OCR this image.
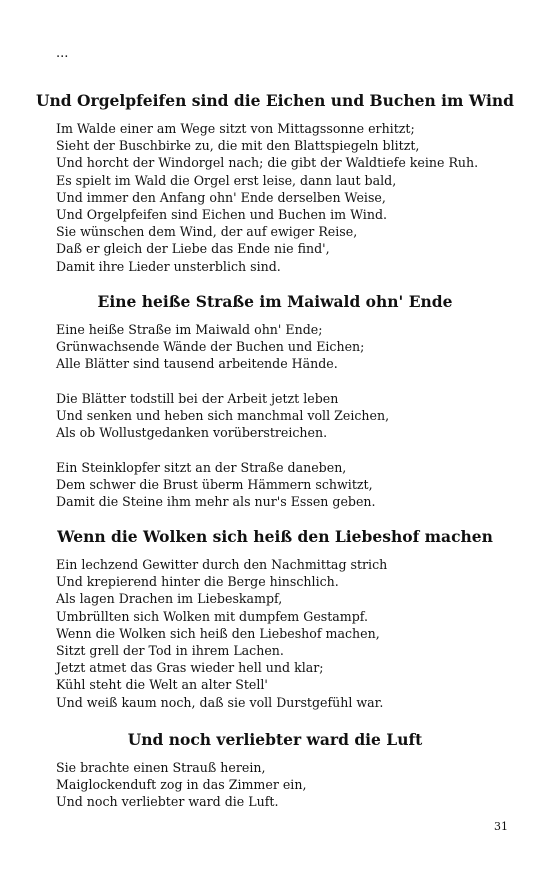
...
Und Orgelpfeifen sind die Eichen und Buchen im Wind
Im Walde einer am Wege sitzt von Mittagssonne erhitzt;
Sieht der Buschbirke zu, die mit den Blattspiegeln blitzt,
Und horcht der Windorgel nach; die gibt der Waldtiefe keine Ruh.
Es spielt im Wald die Orgel erst leise, dann laut bald,
Und immer den Anfang ohn' Ende derselben Weise,
Und Orgelpfeifen sind Eichen und Buchen im Wind.
Sie wünschen dem Wind, der auf ewiger Reise,
Daß er gleich der Liebe das Ende nie find',
Damit ihre Lieder unsterblich sind.
Eine heiße Straße im Maiwald ohn' Ende
Eine heiße Straße im Maiwald ohn' Ende;
Grünwachsende Wände der Buchen und Eichen;
Alle Blätter sind tausend arbeitende Hände.
Die Blätter todstill bei der Arbeit jetzt leben
Und senken und heben sich manchmal voll Zeichen,
Als ob Wollustgedanken vorüberstreichen.
Ein Steinklopfer sitzt an der Straße daneben,
Dem schwer die Brust überm Hämmern schwitzt,
Damit die Steine ihm mehr als nur's Essen geben.
Wenn die Wolken sich heiß den Liebeshof machen
Ein lechzend Gewitter durch den Nachmittag strich
Und krepierend hinter die Berge hinschlich.
Als lagen Drachen im Liebeskampf,
Umbrüllten sich Wolken mit dumpfem Gestampf.
Wenn die Wolken sich heiß den Liebeshof machen,
Sitzt grell der Tod in ihrem Lachen.
Jetzt atmet das Gras wieder hell und klar;
Kühl steht die Welt an alter Stell'
Und weiß kaum noch, daß sie voll Durstgefühl war.
Und noch verliebter ward die Luft
Sie brachte einen Strauß herein,
Maiglockenduft zog in das Zimmer ein,
Und noch verliebter ward die Luft.
31
